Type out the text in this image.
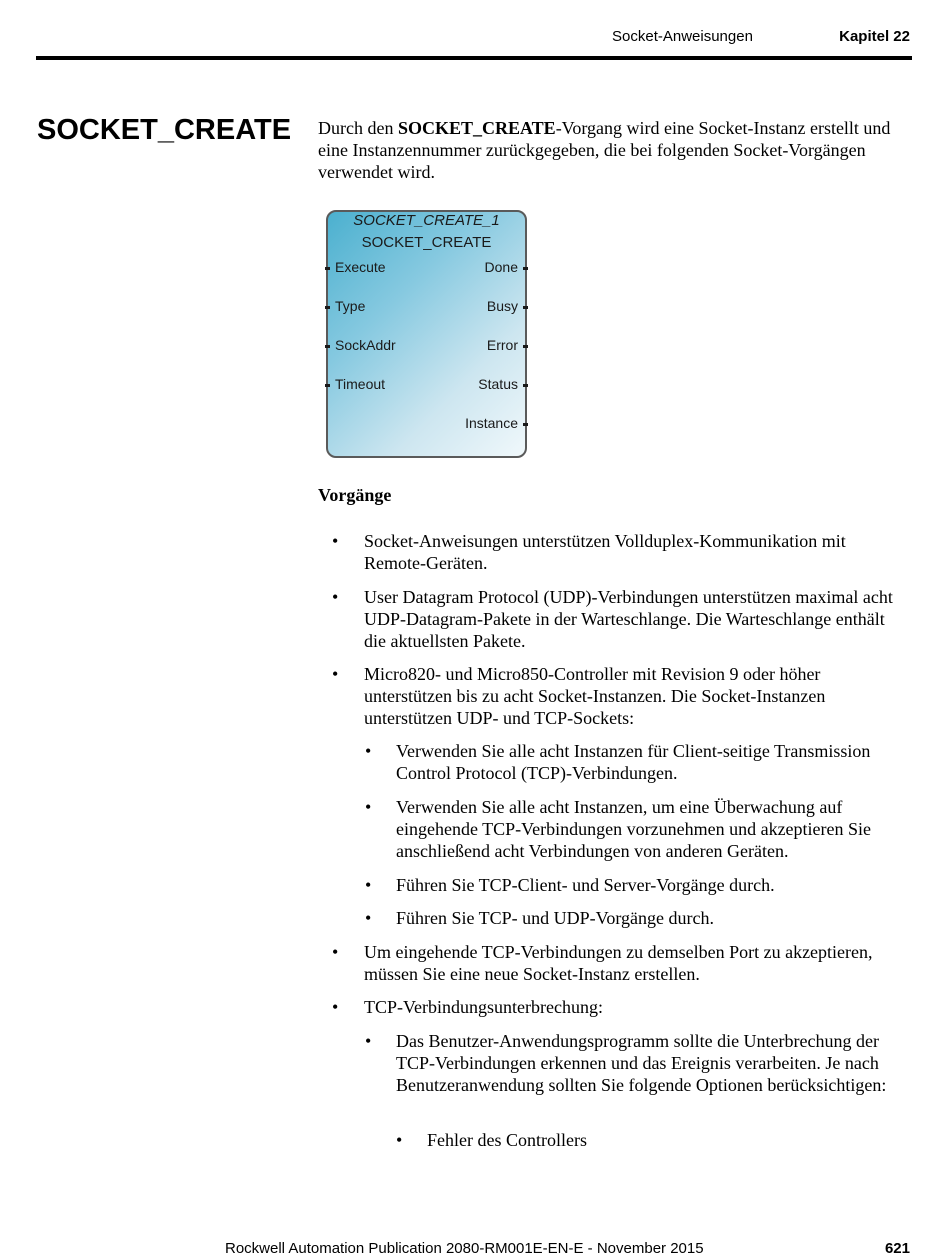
Socket-Anweisungen	Kapitel 22
SOCKET_CREATE Durch den SOCKET_CREATE-Vorgang wird eine Socket-Instanz erstellt und eine Instanzennummer zurückgegeben, die bei folgenden Socket-Vorgängen verwendet wird.

SOCKET_CREATE_1
SOCKET_CREATE
Execute
Type
SockAddr
Timeout
Done
Busy
Error
Status
Instance
Vorgänge
• Socket-Anweisungen unterstützen Vollduplex-Kommunikation mit Remote-Geräten.
• User Datagram Protocol (UDP)-Verbindungen unterstützen maximal acht UDP-Datagram-Pakete in der Warteschlange. Die Warteschlange enthält die aktuellsten Pakete.
• Micro820- und Micro850-Controller mit Revision 9 oder höher unterstützen bis zu acht Socket-Instanzen. Die Socket-Instanzen unterstützen UDP- und TCP-Sockets:
• Verwenden Sie alle acht Instanzen für Client-seitige Transmission Control Protocol (TCP)-Verbindungen.
• Verwenden Sie alle acht Instanzen, um eine Überwachung auf eingehende TCP-Verbindungen vorzunehmen und akzeptieren Sie anschließend acht Verbindungen von anderen Geräten.
• Führen Sie TCP-Client- und Server-Vorgänge durch.
• Führen Sie TCP- und UDP-Vorgänge durch.
• Um eingehende TCP-Verbindungen zu demselben Port zu akzeptieren, müssen Sie eine neue Socket-Instanz erstellen.
• TCP-Verbindungsunterbrechung:
• Das Benutzer-Anwendungsprogramm sollte die Unterbrechung der TCP-Verbindungen erkennen und das Ereignis verarbeiten. Je nach Benutzeranwendung sollten Sie folgende Optionen berücksichtigen:
• Fehler des Controllers
Rockwell Automation Publication 2080-RM001E-EN-E - November 2015	621
